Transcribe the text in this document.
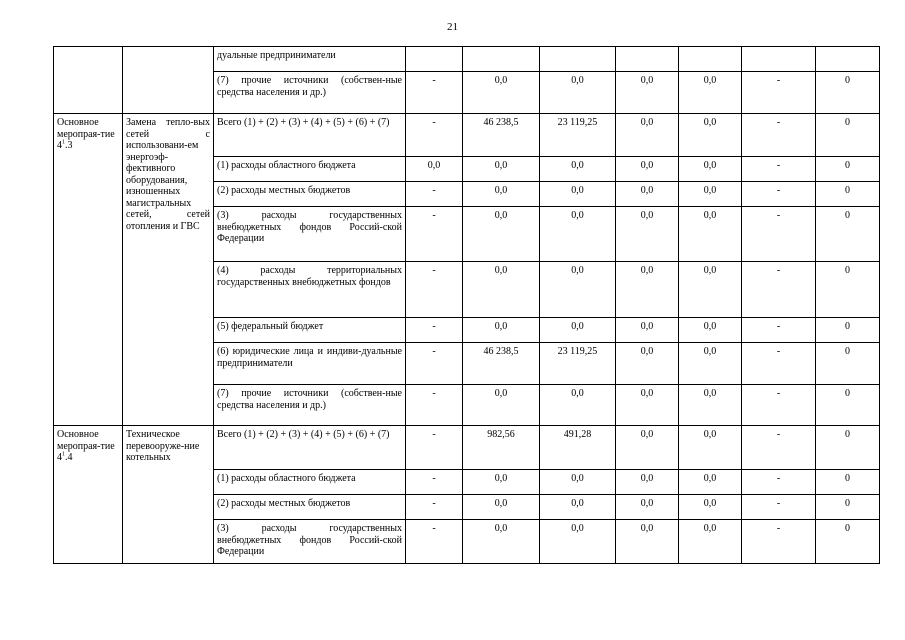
21
		дуальные предприниматели							
		(7) прочие источники (собствен-ные средства населения и др.)	-	0,0	0,0	0,0	0,0	-	0
Основное меропрая-тие $4^1.3$	Замена тепло-вых сетей с использовани-ем энергоэф-фективного оборудования, изношенных магистральных сетей, сетей отопления и ГВС	Всего (1) + (2) + (3) + (4) + (5) + (6) + (7)	-	46 238,5	23 119,25	0,0	0,0	-	0
		(1) расходы областного бюджета	0,0	0,0	0,0	0,0	0,0	-	0
		(2) расходы местных бюджетов	-	0,0	0,0	0,0	0,0	-	0
		(3) расходы государственных внебюджетных фондов Россий-ской Федерации	-	0,0	0,0	0,0	0,0	-	0
		(4) расходы территориальных государственных внебюджетных фондов	-	0,0	0,0	0,0	0,0	-	0
		(5) федеральный бюджет	-	0,0	0,0	0,0	0,0	-	0
		(6) юридические лица и индиви-дуальные предприниматели	-	46 238,5	23 119,25	0,0	0,0	-	0
		(7) прочие источники (собствен-ные средства населения и др.)	-	0,0	0,0	0,0	0,0	-	0
Основное меропрая-тие $4^1.4$	Техническое перевооруже-ние котельных	Всего (1) + (2) + (3) + (4) + (5) + (6) + (7)	-	982,56	491,28	0,0	0,0	-	0
		(1) расходы областного бюджета	-	0,0	0,0	0,0	0,0	-	0
		(2) расходы местных бюджетов	-	0,0	0,0	0,0	0,0	-	0
		(3) расходы государственных внебюджетных фондов Россий-ской Федерации	-	0,0	0,0	0,0	0,0	-	0
